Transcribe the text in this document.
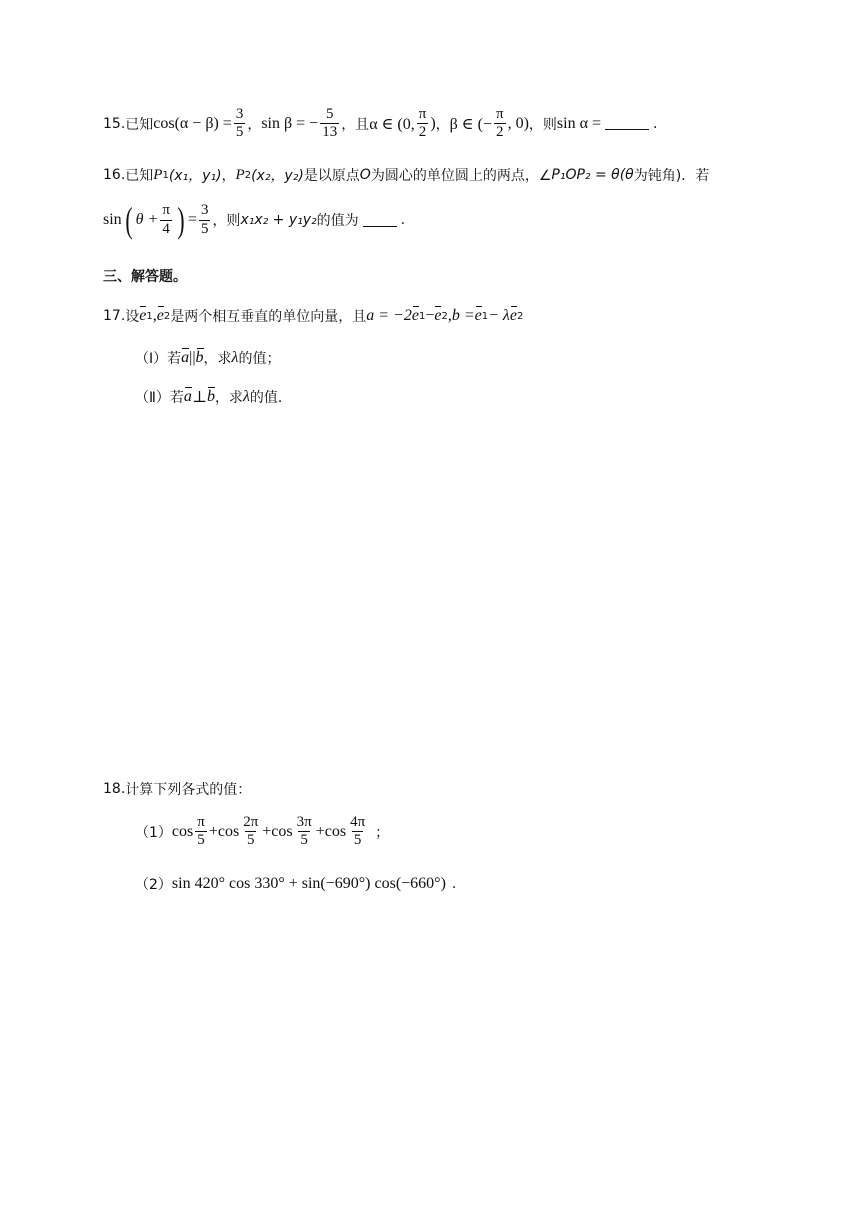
15. 已知 $\cos(\alpha - \beta) = \frac{3}{5}$ ， sin β = − $\frac{5}{13}$ ，且 α ∈ (0, $\frac{\pi}{2}$ ) ， β ∈ (− $\frac{\pi}{2}$ , 0) ，则 sin α =	.
16. 已知 P 1 (x₁，y₁) ， P 2 (x₂，y₂) 是以原点 O 为圆心的单位圆上的两点，∠ P₁OP₂ = θ(θ 为钝角)．若
sin ( $\theta + \frac{\pi}{4}$ ) = $\frac{3}{5}$ ，则 x₁x₂ + y₁y₂ 的值为	.
三、解答题。
17. 设 e 1 , e 2 是两个相互垂直的单位向量，且 a = −2 e 1 − e 2 , b = e 1 − λ e 2
（Ⅰ）若 a || b ，求 λ 的值；
（Ⅱ）若 a ⊥ b ，求 λ 的值．
18. 计算下列各式的值：
（1） $\cos \frac{\pi}{5} + \cos \frac{2\pi}{5} + \cos \frac{3\pi}{5} + \cos \frac{4\pi}{5}$ ；
（2） sin 420° cos 330° + sin(−690°) cos(−660°) .
